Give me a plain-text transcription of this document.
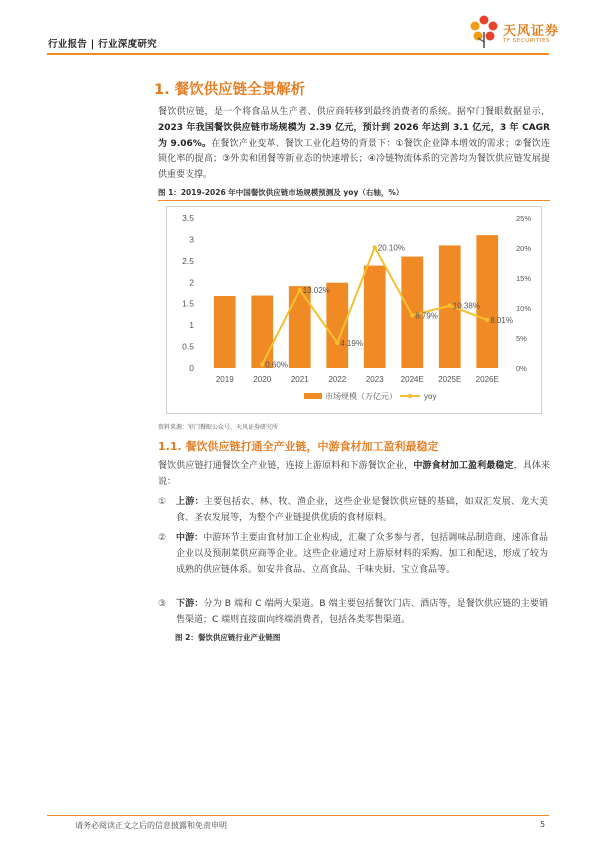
行业报告 | 行业深度研究
天风证券
TF SECURITIES
1. 餐饮供应链全景解析
餐饮供应链，是一个将食品从生产者、供应商转移到最终消费者的系统。据窄门餐眼数据显示，2023 年我国餐饮供应链市场规模为 2.39 亿元，预计到 2026 年达到 3.1 亿元，3 年 CAGR 为 9.06%。在餐饮产业变革、餐饮工业化趋势的背景下：①餐饮企业降本增效的需求；②餐饮连锁化率的提高；③外卖和团餐等新业态的快速增长；④冷链物流体系的完善均为餐饮供应链发展提供重要支撑。
图 1：2019-2026 年中国餐饮供应链市场规模预测及 yoy（右轴，%）
0
0.5
1
1.5
2
2.5
3
3.5
0%
5%
10%
15%
20%
25%
2019 2020 2021 2022 2023 2024E 2025E 2026E
0.60%
13.02%
4.19%
20.10%
8.79%
10.38%
8.01%
市场规模（万亿元）	yoy
资料来源：窄门餐眼公众号，天风证券研究所
1.1. 餐饮供应链打通全产业链，中游食材加工盈利最稳定
餐饮供应链打通餐饮全产业链，连接上游原料和下游餐饮企业，中游食材加工盈利最稳定，具体来说：
①	上游：主要包括农、林、牧、渔企业，这些企业是餐饮供应链的基础，如双汇发展、龙大美食、圣农发展等，为整个产业链提供优质的食材原料。
②	中游：中游环节主要由食材加工企业构成，汇聚了众多参与者，包括调味品制造商、速冻食品企业以及预制菜供应商等企业。这些企业通过对上游原材料的采购、加工和配送，形成了较为成熟的供应链体系。如安井食品、立高食品、千味央厨、宝立食品等。
③	下游：分为 B 端和 C 端两大渠道。B 端主要包括餐饮门店、酒店等，是餐饮供应链的主要销售渠道；C 端则直接面向终端消费者，包括各类零售渠道。
图 2：餐饮供应链行业产业链图
请务必阅读正文之后的信息披露和免责申明	5
